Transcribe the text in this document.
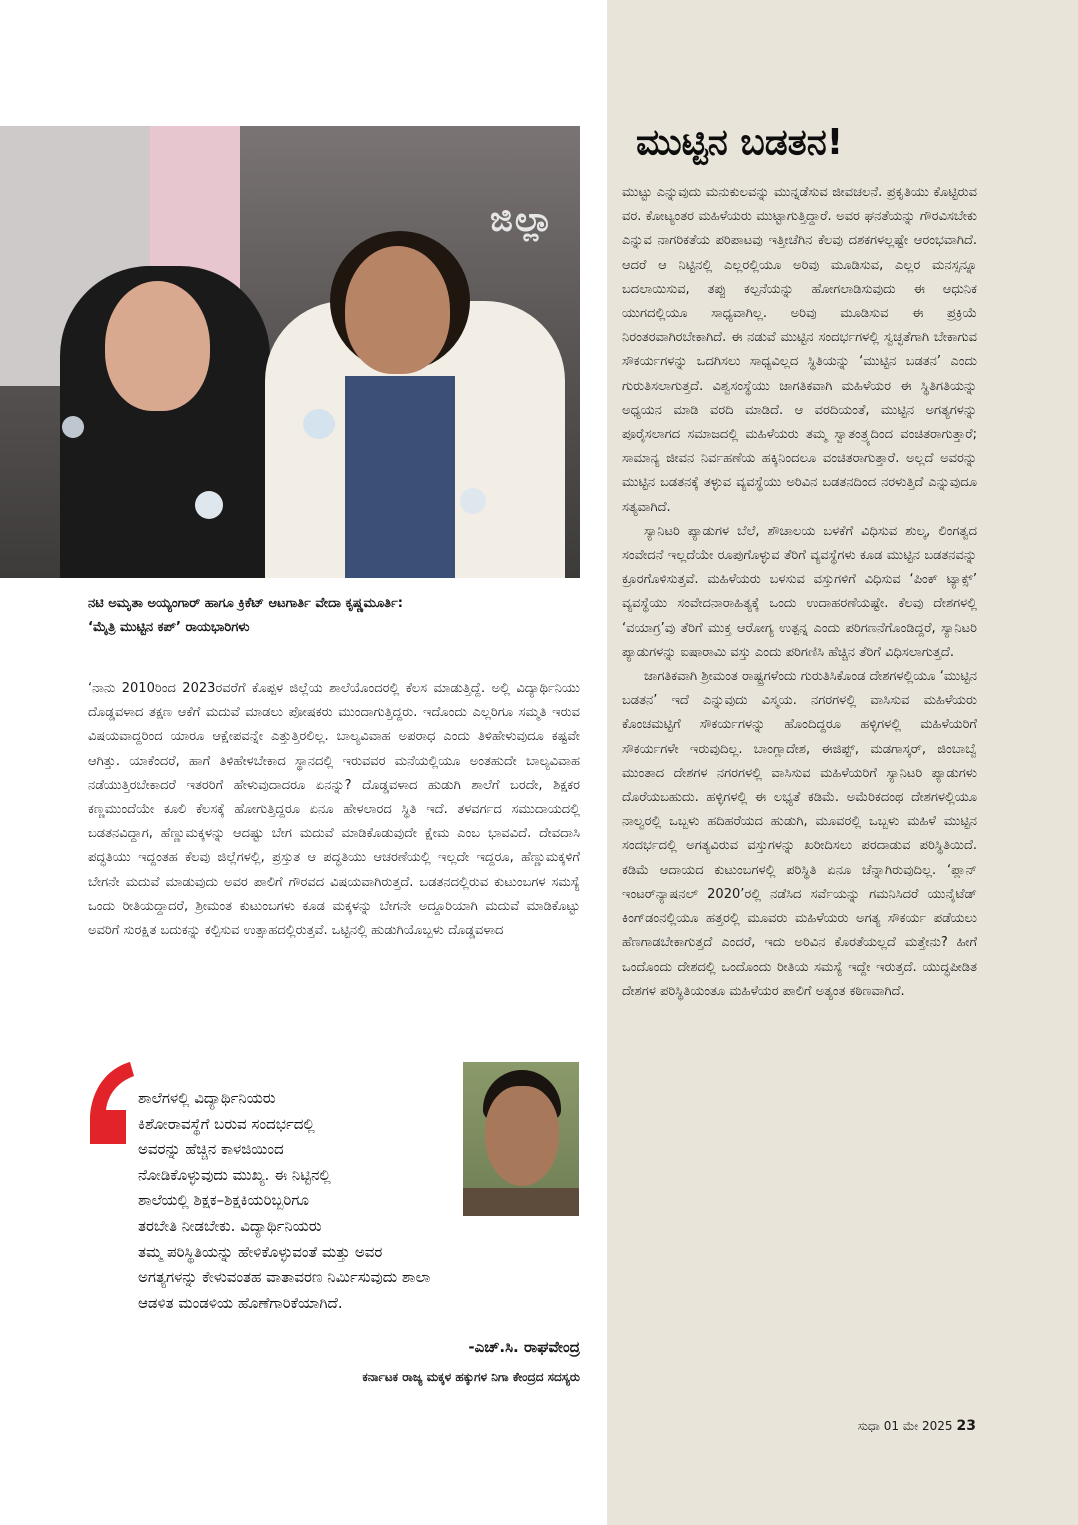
ಜಿಲ್ಲಾ

ನಟಿ ಅಮೃತಾ ಅಯ್ಯಂಗಾರ್ ಹಾಗೂ ಕ್ರಿಕೆಟ್ ಆಟಗಾರ್ತಿ ವೇದಾ ಕೃಷ್ಣಮೂರ್ತಿ:

‘ಮೈತ್ರಿ ಮುಟ್ಟಿನ ಕಪ್’ ರಾಯಭಾರಿಗಳು

‘ನಾನು 2010ರಿಂದ 2023ರವರೆಗೆ ಕೊಪ್ಪಳ ಜಿಲ್ಲೆಯ ಶಾಲೆಯೊಂದರಲ್ಲಿ ಕೆಲಸ ಮಾಡುತ್ತಿದ್ದೆ. ಅಲ್ಲಿ ವಿದ್ಯಾರ್ಥಿನಿಯು ದೊಡ್ಡವಳಾದ ತಕ್ಷಣ ಆಕೆಗೆ ಮದುವೆ ಮಾಡಲು ಪೋಷಕರು ಮುಂದಾಗುತ್ತಿದ್ದರು. ಇದೊಂದು ಎಲ್ಲರಿಗೂ ಸಮ್ಮತಿ ಇರುವ ವಿಷಯವಾದ್ದರಿಂದ ಯಾರೂ ಆಕ್ಷೇಪವನ್ನೇ ಎತ್ತುತ್ತಿರಲಿಲ್ಲ. ಬಾಲ್ಯವಿವಾಹ ಅಪರಾಧ ಎಂದು ತಿಳಿಹೇಳುವುದೂ ಕಷ್ಟವೇ ಆಗಿತ್ತು. ಯಾಕೆಂದರೆ, ಹಾಗೆ ತಿಳಿಹೇಳಬೇಕಾದ ಸ್ಥಾನದಲ್ಲಿ ಇರುವವರ ಮನೆಯಲ್ಲಿಯೂ ಅಂತಹುದೇ ಬಾಲ್ಯವಿವಾಹ ನಡೆಯುತ್ತಿರಬೇಕಾದರೆ ಇತರರಿಗೆ ಹೇಳುವುದಾದರೂ ಏನನ್ನು? ದೊಡ್ಡವಳಾದ ಹುಡುಗಿ ಶಾಲೆಗೆ ಬರದೇ, ಶಿಕ್ಷಕರ ಕಣ್ಣಮುಂದೆಯೇ ಕೂಲಿ ಕೆಲಸಕ್ಕೆ ಹೋಗುತ್ತಿದ್ದರೂ ಏನೂ ಹೇಳಲಾರದ ಸ್ಥಿತಿ ಇದೆ. ತಳವರ್ಗದ ಸಮುದಾಯದಲ್ಲಿ ಬಡತನವಿದ್ದಾಗ, ಹೆಣ್ಣುಮಕ್ಕಳನ್ನು ಆದಷ್ಟು ಬೇಗ ಮದುವೆ ಮಾಡಿಕೊಡುವುದೇ ಕ್ಷೇಮ ಎಂಬ ಭಾವವಿದೆ. ದೇವದಾಸಿ ಪದ್ಧತಿಯು ಇದ್ದಂತಹ ಕೆಲವು ಜಿಲ್ಲೆಗಳಲ್ಲಿ, ಪ್ರಸ್ತುತ ಆ ಪದ್ಧತಿಯು ಆಚರಣೆಯಲ್ಲಿ ಇಲ್ಲದೇ ಇದ್ದರೂ, ಹೆಣ್ಣುಮಕ್ಕಳಿಗೆ ಬೇಗನೇ ಮದುವೆ ಮಾಡುವುದು ಅವರ ಪಾಲಿಗೆ ಗೌರವದ ವಿಷಯವಾಗಿರುತ್ತದೆ. ಬಡತನದಲ್ಲಿರುವ ಕುಟುಂಬಗಳ ಸಮಸ್ಯೆ ಒಂದು ರೀತಿಯದ್ದಾದರೆ, ಶ್ರೀಮಂತ ಕುಟುಂಬಗಳು ಕೂಡ ಮಕ್ಕಳನ್ನು ಬೇಗನೇ ಅದ್ದೂರಿಯಾಗಿ ಮದುವೆ ಮಾಡಿಕೊಟ್ಟು ಅವರಿಗೆ ಸುರಕ್ಷಿತ ಬದುಕನ್ನು ಕಲ್ಪಿಸುವ ಉತ್ಸಾಹದಲ್ಲಿರುತ್ತವೆ. ಒಟ್ಟಿನಲ್ಲಿ ಹುಡುಗಿಯೊಬ್ಬಳು ದೊಡ್ಡವಳಾದ

ಶಾಲೆಗಳಲ್ಲಿ ವಿದ್ಯಾರ್ಥಿನಿಯರು

ಕಿಶೋರಾವಸ್ಥೆಗೆ ಬರುವ ಸಂದರ್ಭದಲ್ಲಿ

ಅವರನ್ನು ಹೆಚ್ಚಿನ ಕಾಳಜಿಯಿಂದ

ನೋಡಿಕೊಳ್ಳುವುದು ಮುಖ್ಯ. ಈ ನಿಟ್ಟಿನಲ್ಲಿ

ಶಾಲೆಯಲ್ಲಿ ಶಿಕ್ಷಕ–ಶಿಕ್ಷಕಿಯರಿಬ್ಬರಿಗೂ

ತರಬೇತಿ ನೀಡಬೇಕು. ವಿದ್ಯಾರ್ಥಿನಿಯರು

ತಮ್ಮ ಪರಿಸ್ಥಿತಿಯನ್ನು ಹೇಳಿಕೊಳ್ಳುವಂತೆ ಮತ್ತು ಅವರ

ಅಗತ್ಯಗಳನ್ನು ಕೇಳುವಂತಹ ವಾತಾವರಣ ನಿರ್ಮಿಸುವುದು ಶಾಲಾ

ಆಡಳಿತ ಮಂಡಳಿಯ ಹೊಣೆಗಾರಿಕೆಯಾಗಿದೆ.

-ಎಚ್.ಸಿ. ರಾಘವೇಂದ್ರ
ಕರ್ನಾಟಕ ರಾಜ್ಯ ಮಕ್ಕಳ ಹಕ್ಕುಗಳ ನಿಗಾ ಕೇಂದ್ರದ ಸದಸ್ಯರು
ಮುಟ್ಟಿನ ಬಡತನ!

ಮುಟ್ಟು ಎನ್ನುವುದು ಮನುಕುಲವನ್ನು ಮುನ್ನಡೆಸುವ ಜೀವಚಲನೆ. ಪ್ರಕೃತಿಯು ಕೊಟ್ಟಿರುವ ವರ. ಕೋಟ್ಯಂತರ ಮಹಿಳೆಯರು ಮುಟ್ಟಾಗುತ್ತಿದ್ದಾರೆ. ಅವರ ಘನತೆಯನ್ನು ಗೌರವಿಸಬೇಕು ಎನ್ನುವ ನಾಗರಿಕತೆಯ ಪರಿಪಾಟವು ಇತ್ತೀಚೆಗಿನ ಕೆಲವು ದಶಕಗಳಲ್ಲಷ್ಟೇ ಆರಂಭವಾಗಿದೆ. ಆದರೆ ಆ ನಿಟ್ಟಿನಲ್ಲಿ ಎಲ್ಲರಲ್ಲಿಯೂ ಅರಿವು ಮೂಡಿಸುವ, ಎಲ್ಲರ ಮನಸ್ಸನ್ನೂ ಬದಲಾಯಿಸುವ, ತಪ್ಪು ಕಲ್ಪನೆಯನ್ನು ಹೋಗಲಾಡಿಸುವುದು ಈ ಆಧುನಿಕ ಯುಗದಲ್ಲಿಯೂ ಸಾಧ್ಯವಾಗಿಲ್ಲ. ಅರಿವು ಮೂಡಿಸುವ ಈ ಪ್ರಕ್ರಿಯೆ ನಿರಂತರವಾಗಿರಬೇಕಾಗಿದೆ. ಈ ನಡುವೆ ಮುಟ್ಟಿನ ಸಂದರ್ಭಗಳಲ್ಲಿ ಸ್ವಚ್ಛತೆಗಾಗಿ ಬೇಕಾಗುವ ಸೌಕರ್ಯಗಳನ್ನು ಒದಗಿಸಲು ಸಾಧ್ಯವಿಲ್ಲದ ಸ್ಥಿತಿಯನ್ನು ‘ಮುಟ್ಟಿನ ಬಡತನ’ ಎಂದು ಗುರುತಿಸಲಾಗುತ್ತದೆ. ವಿಶ್ವಸಂಸ್ಥೆಯು ಜಾಗತಿಕವಾಗಿ ಮಹಿಳೆಯರ ಈ ಸ್ಥಿತಿಗತಿಯನ್ನು ಅಧ್ಯಯನ ಮಾಡಿ ವರದಿ ಮಾಡಿದೆ. ಆ ವರದಿಯಂತೆ, ಮುಟ್ಟಿನ ಅಗತ್ಯಗಳನ್ನು ಪೂರೈಸಲಾಗದ ಸಮಾಜದಲ್ಲಿ ಮಹಿಳೆಯರು ತಮ್ಮ ಸ್ವಾತಂತ್ರ್ಯದಿಂದ ವಂಚಿತರಾಗುತ್ತಾರೆ; ಸಾಮಾನ್ಯ ಜೀವನ ನಿರ್ವಹಣೆಯ ಹಕ್ಕಿನಿಂದಲೂ ವಂಚಿತರಾಗುತ್ತಾರೆ. ಅಲ್ಲದೆ ಅವರನ್ನು ಮುಟ್ಟಿನ ಬಡತನಕ್ಕೆ ತಳ್ಳುವ ವ್ಯವಸ್ಥೆಯು ಅರಿವಿನ ಬಡತನದಿಂದ ನರಳುತ್ತಿದೆ ಎನ್ನುವುದೂ ಸತ್ಯವಾಗಿದೆ.

ಸ್ಯಾನಿಟರಿ ಪ್ಯಾಡುಗಳ ಬೆಲೆ, ಶೌಚಾಲಯ ಬಳಕೆಗೆ ವಿಧಿಸುವ ಶುಲ್ಕ, ಲಿಂಗತ್ವದ ಸಂವೇದನೆ ಇಲ್ಲದೆಯೇ ರೂಪುಗೊಳ್ಳುವ ತೆರಿಗೆ ವ್ಯವಸ್ಥೆಗಳು ಕೂಡ ಮುಟ್ಟಿನ ಬಡತನವನ್ನು ಕ್ರೂರಗೊಳಿಸುತ್ತವೆ. ಮಹಿಳೆಯರು ಬಳಸುವ ವಸ್ತುಗಳಿಗೆ ವಿಧಿಸುವ ‘ಪಿಂಕ್ ಟ್ಯಾಕ್ಸ್’ ವ್ಯವಸ್ಥೆಯು ಸಂವೇದನಾರಾಹಿತ್ಯಕ್ಕೆ ಒಂದು ಉದಾಹರಣೆಯಷ್ಟೇ. ಕೆಲವು ದೇಶಗಳಲ್ಲಿ ‘ವಯಾಗ್ರ’ವು ತೆರಿಗೆ ಮುಕ್ತ ಆರೋಗ್ಯ ಉತ್ಪನ್ನ ಎಂದು ಪರಿಗಣನೆಗೊಂಡಿದ್ದರೆ, ಸ್ಯಾನಿಟರಿ ಪ್ಯಾಡುಗಳನ್ನು ಐಷಾರಾಮಿ ವಸ್ತು ಎಂದು ಪರಿಗಣಿಸಿ ಹೆಚ್ಚಿನ ತೆರಿಗೆ ವಿಧಿಸಲಾಗುತ್ತದೆ.

ಜಾಗತಿಕವಾಗಿ ಶ್ರೀಮಂತ ರಾಷ್ಟ್ರಗಳೆಂದು ಗುರುತಿಸಿಕೊಂಡ ದೇಶಗಳಲ್ಲಿಯೂ ‘ಮುಟ್ಟಿನ ಬಡತನ’ ಇದೆ ಎನ್ನುವುದು ವಿಸ್ಮಯ. ನಗರಗಳಲ್ಲಿ ವಾಸಿಸುವ ಮಹಿಳೆಯರು ಕೊಂಚಮಟ್ಟಿಗೆ ಸೌಕರ್ಯಗಳನ್ನು ಹೊಂದಿದ್ದರೂ ಹಳ್ಳಿಗಳಲ್ಲಿ ಮಹಿಳೆಯರಿಗೆ ಸೌಕರ್ಯಗಳೇ ಇರುವುದಿಲ್ಲ. ಬಾಂಗ್ಲಾದೇಶ, ಈಜಿಪ್ಟ್, ಮಡಗಾಸ್ಕರ್, ಜಿಂಬಾಬ್ವೆ ಮುಂತಾದ ದೇಶಗಳ ನಗರಗಳಲ್ಲಿ ವಾಸಿಸುವ ಮಹಿಳೆಯರಿಗೆ ಸ್ಯಾನಿಟರಿ ಪ್ಯಾಡುಗಳು ದೊರೆಯಬಹುದು. ಹಳ್ಳಿಗಳಲ್ಲಿ ಈ ಲಭ್ಯತೆ ಕಡಿಮೆ. ಅಮೆರಿಕದಂಥ ದೇಶಗಳಲ್ಲಿಯೂ ನಾಲ್ವರಲ್ಲಿ ಒಬ್ಬಳು ಹದಿಹರೆಯದ ಹುಡುಗಿ, ಮೂವರಲ್ಲಿ ಒಬ್ಬಳು ಮಹಿಳೆ ಮುಟ್ಟಿನ ಸಂದರ್ಭದಲ್ಲಿ ಅಗತ್ಯವಿರುವ ವಸ್ತುಗಳನ್ನು ಖರೀದಿಸಲು ಪರದಾಡುವ ಪರಿಸ್ಥಿತಿಯಿದೆ. ಕಡಿಮೆ ಆದಾಯದ ಕುಟುಂಬಗಳಲ್ಲಿ ಪರಿಸ್ಥಿತಿ ಏನೂ ಚೆನ್ನಾಗಿರುವುದಿಲ್ಲ. ‘ಪ್ಲಾನ್ ಇಂಟರ್‌ನ್ಯಾಷನಲ್ 2020’ರಲ್ಲಿ ನಡೆಸಿದ ಸರ್ವೆಯನ್ನು ಗಮನಿಸಿದರೆ ಯುನೈಟೆಡ್ ಕಿಂಗ್‌ಡಂನಲ್ಲಿಯೂ ಹತ್ತರಲ್ಲಿ ಮೂವರು ಮಹಿಳೆಯರು ಅಗತ್ಯ ಸೌಕರ್ಯ ಪಡೆಯಲು ಹೆಣಗಾಡಬೇಕಾಗುತ್ತದೆ ಎಂದರೆ, ಇದು ಅರಿವಿನ ಕೊರತೆಯಲ್ಲದೆ ಮತ್ತೇನು? ಹೀಗೆ ಒಂದೊಂದು ದೇಶದಲ್ಲಿ ಒಂದೊಂದು ರೀತಿಯ ಸಮಸ್ಯೆ ಇದ್ದೇ ಇರುತ್ತದೆ. ಯುದ್ಧಪೀಡಿತ ದೇಶಗಳ ಪರಿಸ್ಥಿತಿಯಂತೂ ಮಹಿಳೆಯರ ಪಾಲಿಗೆ ಅತ್ಯಂತ ಕಠಿಣವಾಗಿದೆ.

ಸುಧಾ 01 ಮೇ 2025 23
